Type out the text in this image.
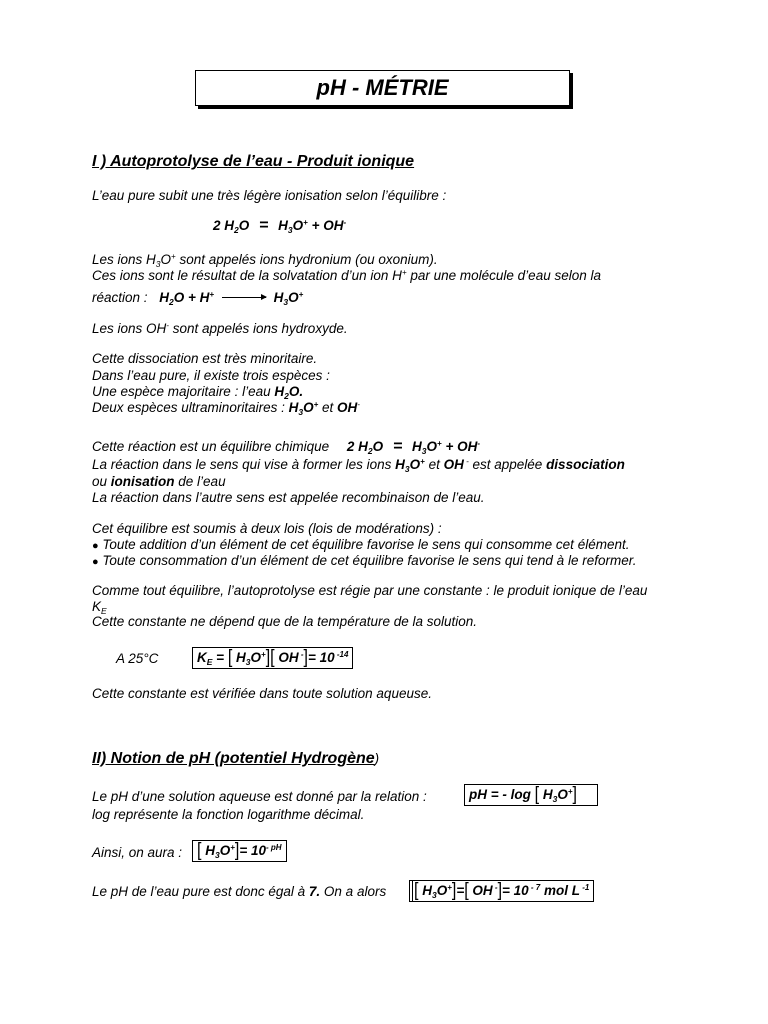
pH - MÉTRIE
I ) Autoprotolyse de l’eau - Produit ionique
L’eau pure subit une très légère ionisation selon l’équilibre :
2 $H_2O = H_3O^+ + OH^-$
Les ions $H_3O^+$ sont appelés ions hydronium (ou oxonium).
Ces ions sont le résultat de la solvatation d’un ion H+ par une molécule d’eau selon la
réaction : $H_2O + H^+ \to H_3O^+$
Les ions OH- sont appelés ions hydroxyde.
Cette dissociation est très minoritaire.
Dans l’eau pure, il existe trois espèces :
Une espèce majoritaire : l’eau $H_2O$.
Deux espèces ultraminoritaires : $H_3O^+$ et OH-
Cette réaction est un équilibre chimique 2 $H_2O = H_3O^+ + OH^-$
La réaction dans le sens qui vise à former les ions $H_3O^+$ et OH - est appelée dissociation
ou ionisation de l’eau
La réaction dans l’autre sens est appelée recombinaison de l’eau.
Cet équilibre est soumis à deux lois (lois de modérations) :
● Toute addition d’un élément de cet équilibre favorise le sens qui consomme cet élément.
● Toute consommation d’un élément de cet équilibre favorise le sens qui tend à le reformer.
Comme tout équilibre, l’autoprotolyse est régie par une constante : le produit ionique de l’eau
$K_E$
Cette constante ne dépend que de la température de la solution.
A 25°C	$K_E$ = [ $H_3O^+$][ OH -]= 10 $^{-14}$
Cette constante est vérifiée dans toute solution aqueuse.
II) Notion de pH (potentiel Hydrogène)
Le pH d’une solution aqueuse est donné par la relation :	pH = - log [ $H_3O^+$]
log représente la fonction logarithme décimal.
Ainsi, on aura : [ $H_3O^+]= 10^{- pH}$
Le pH de l’eau pure est donc égal à 7. On a alors	[ $H_3O^+]=$[ OH -]= 10 $^{- 7}$ mol L $^{-1}$
